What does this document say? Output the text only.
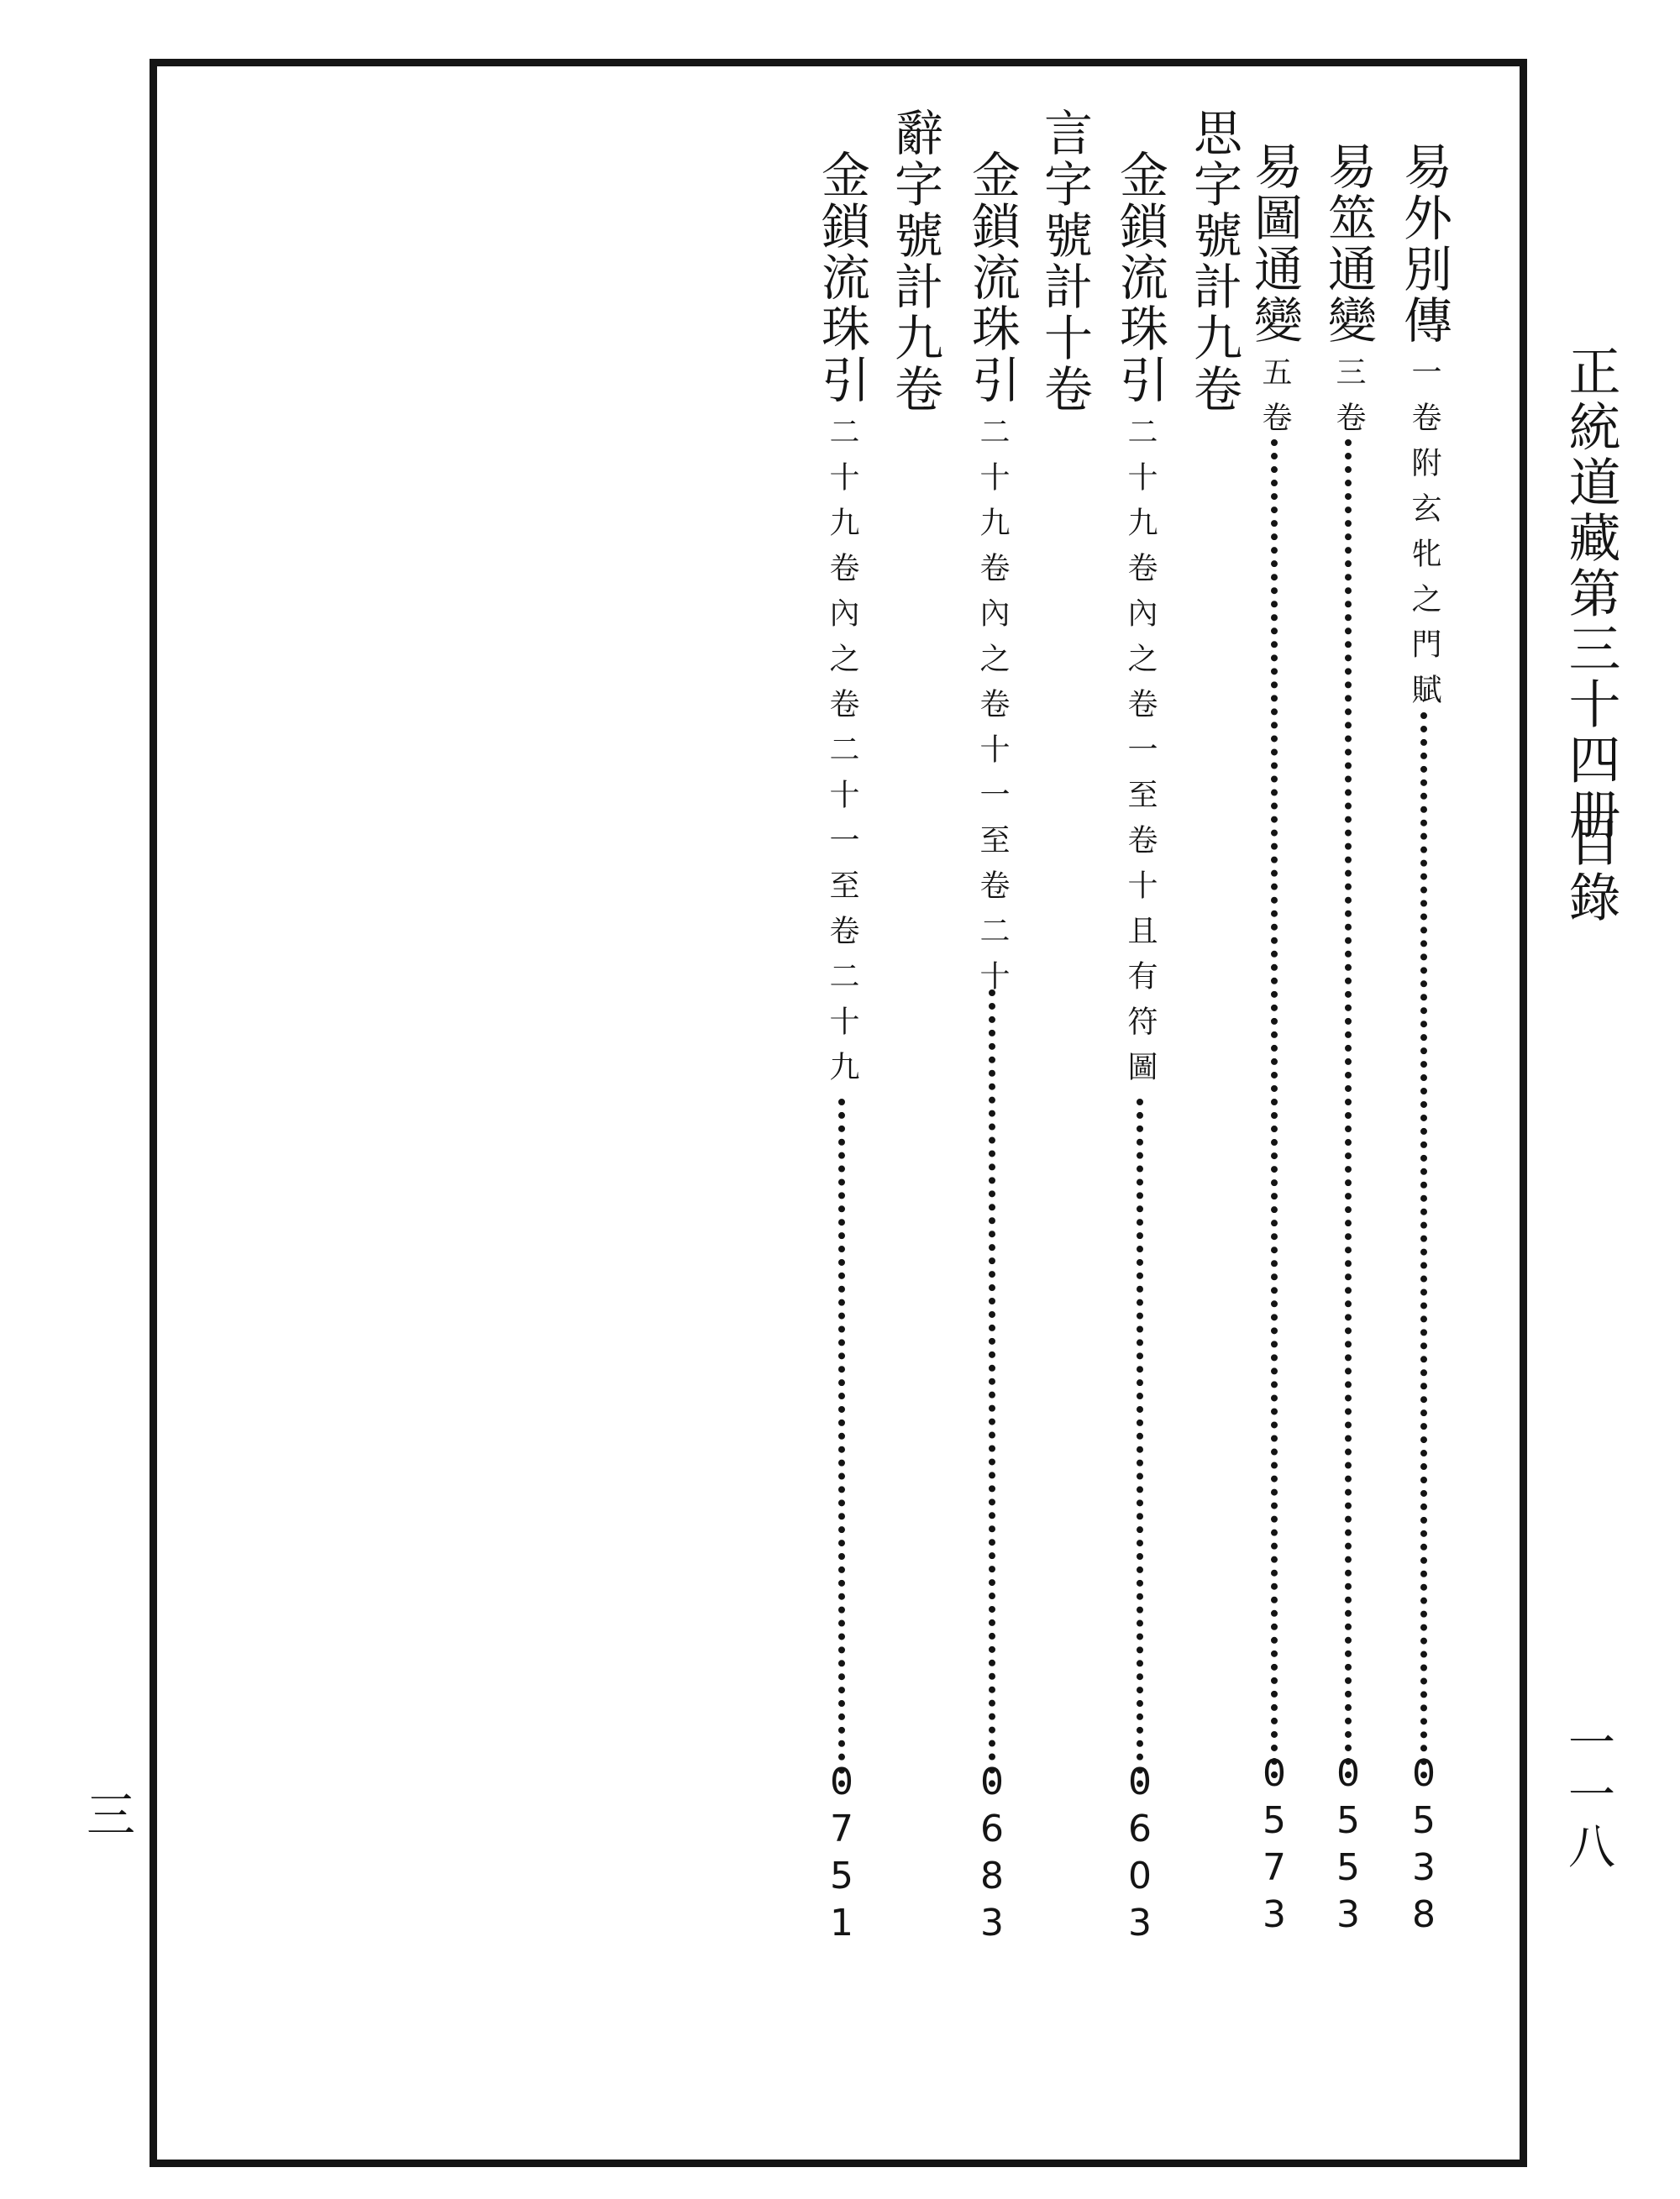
正統道藏第三十四册
目錄
一一八
三
易外別傳
一卷附玄牝之門賦
0
5
3
8
易筮通變
三卷
0
5
5
3
易圖通變
五卷
0
5
7
3
思字號計九卷
金鎖流珠引
二十九卷內之卷一至卷十且有符圖
0
6
0
3
言字號計十卷
金鎖流珠引
二十九卷內之卷十一至卷二十
0
6
8
3
辭字號計九卷
金鎖流珠引
二十九卷內之卷二十一至卷二十九
0
7
5
1
